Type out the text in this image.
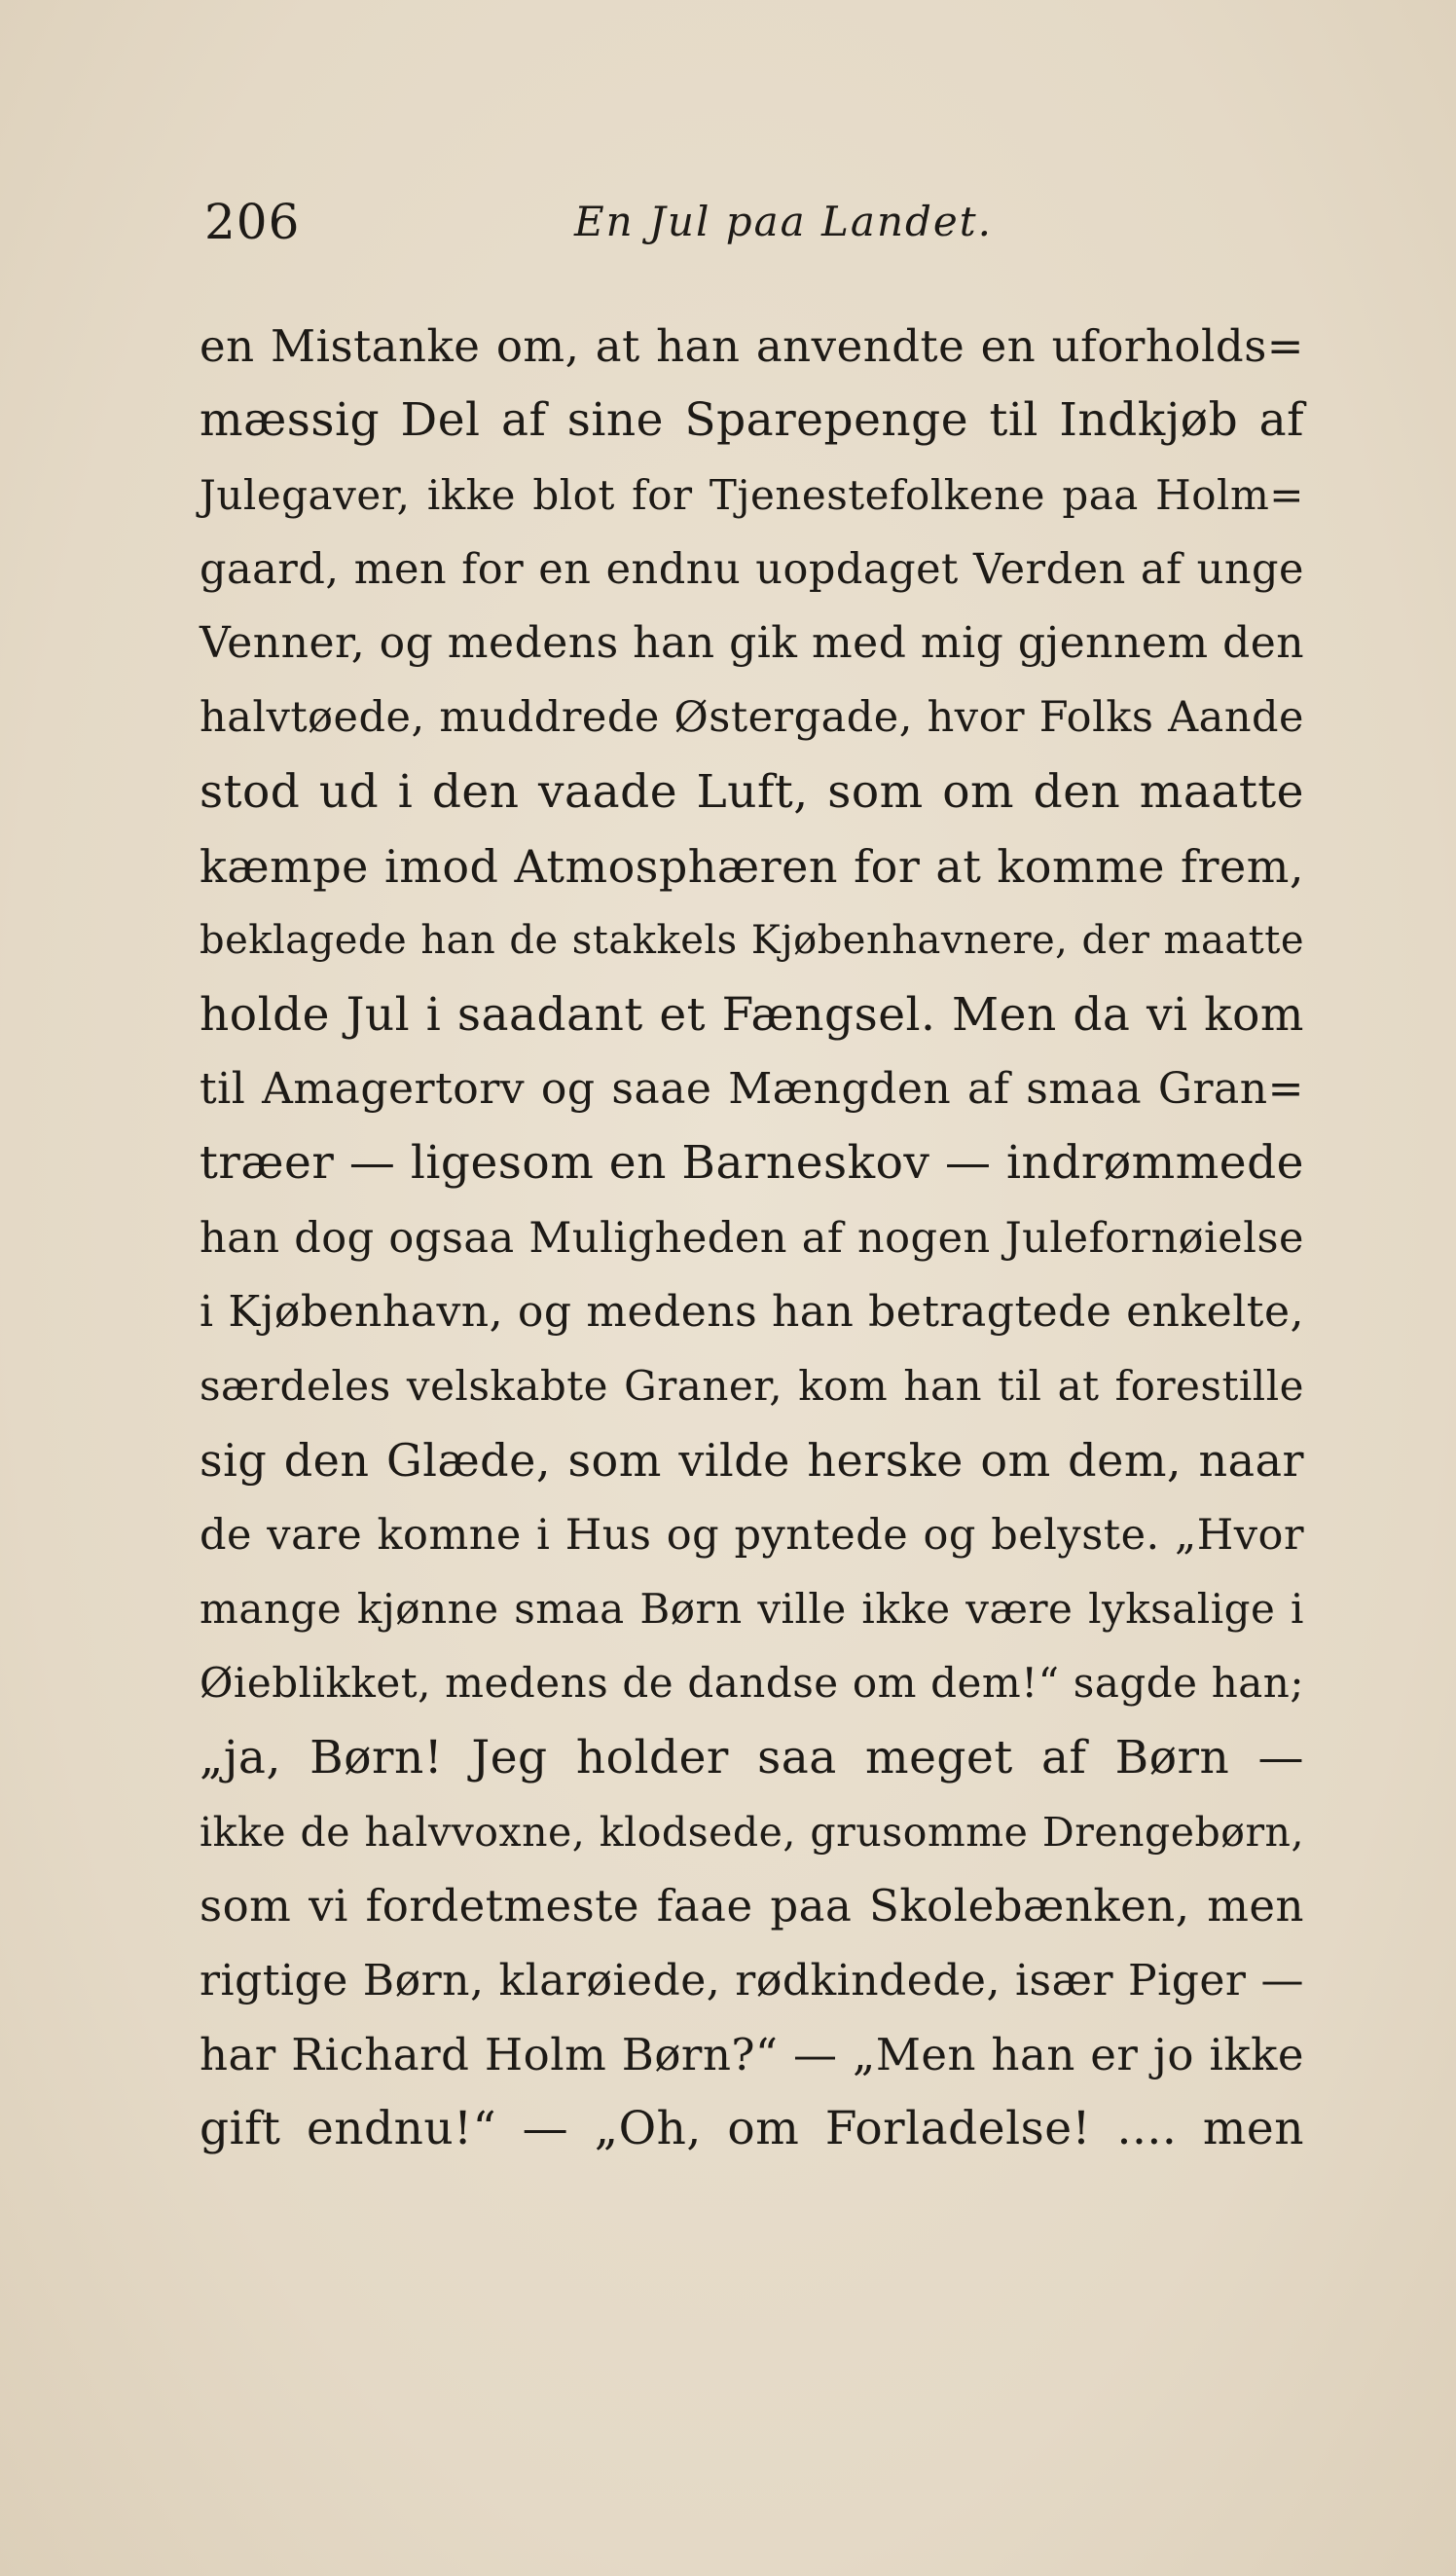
206	En Jul paa Landet.
en Mistanke om, at han anvendte en uforholds=
mæssig Del af sine Sparepenge til Indkjøb af
Julegaver, ikke blot for Tjenestefolkene paa Holm=
gaard, men for en endnu uopdaget Verden af unge
Venner, og medens han gik med mig gjennem den
halvtøede, muddrede Østergade, hvor Folks Aande
stod ud i den vaade Luft, som om den maatte
kæmpe imod Atmosphæren for at komme frem,
beklagede han de stakkels Kjøbenhavnere, der maatte
holde Jul i saadant et Fængsel. Men da vi kom
til Amagertorv og saae Mængden af smaa Gran=
træer — ligesom en Barneskov — indrømmede
han dog ogsaa Muligheden af nogen Julefornøielse
i Kjøbenhavn, og medens han betragtede enkelte,
særdeles velskabte Graner, kom han til at forestille
sig den Glæde, som vilde herske om dem, naar
de vare komne i Hus og pyntede og belyste. „Hvor
mange kjønne smaa Børn ville ikke være lyksalige i
Øieblikket, medens de dandse om dem!“ sagde han;
„ja, Børn! Jeg holder saa meget af Børn —
ikke de halvvoxne, klodsede, grusomme Drengebørn,
som vi fordetmeste faae paa Skolebænken, men
rigtige Børn, klarøiede, rødkindede, især Piger —
har Richard Holm Børn?“ — „Men han er jo ikke
gift endnu!“ — „Oh, om Forladelse! .... men
